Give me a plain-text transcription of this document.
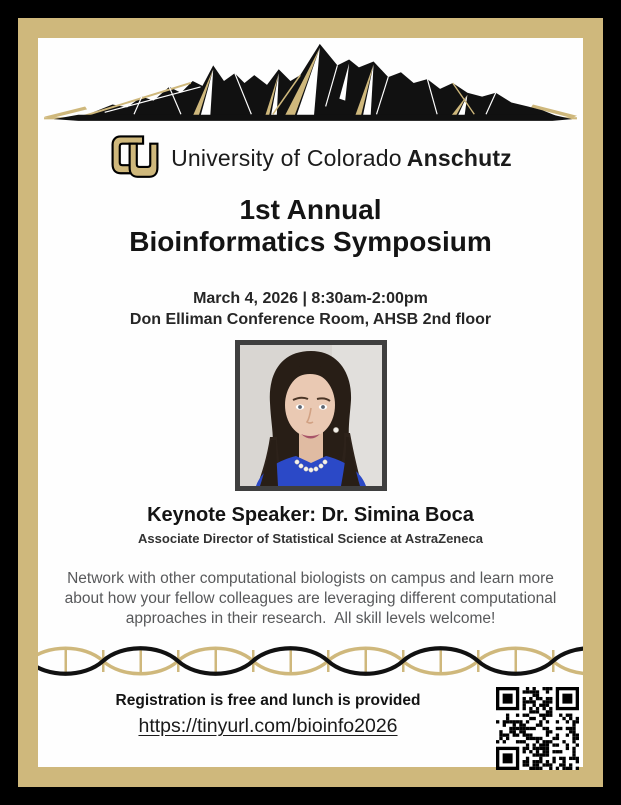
University of Colorado Anschutz
1st Annual
Bioinformatics Symposium
March 4, 2026 | 8:30am-2:00pm
Don Elliman Conference Room, AHSB 2nd floor
Keynote Speaker: Dr. Simina Boca
Associate Director of Statistical Science at AstraZeneca
Network with other computational biologists on campus and learn more
about how your fellow colleagues are leveraging different computational
approaches in their research.  All skill levels welcome!
Registration is free and lunch is provided
https://tinyurl.com/bioinfo2026
